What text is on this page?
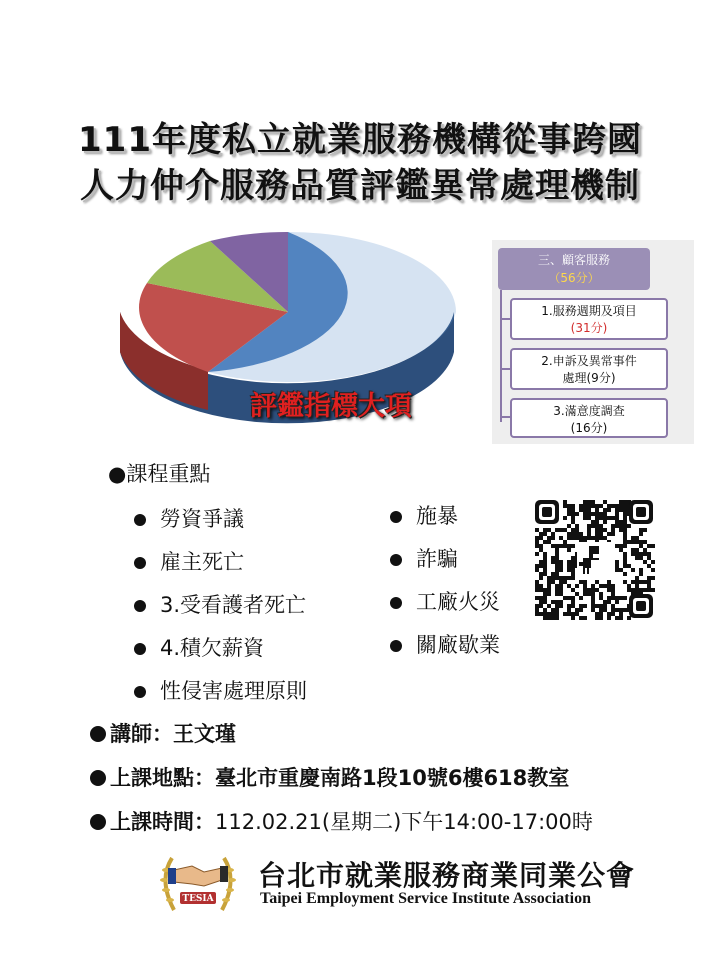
111年度私立就業服務機構從事跨國
人力仲介服務品質評鑑異常處理機制
評鑑指標大項
三、顧客服務
（56分）
1.服務週期及項目
(31分)
2.申訴及異常事件
處理(9分)
3.滿意度調查
(16分)
●課程重點
勞資爭議
雇主死亡
3.受看護者死亡
4.積欠薪資
性侵害處理原則
施暴
詐騙
工廠火災
關廠歇業
講師：王文瑾
上課地點：臺北市重慶南路1段10號6樓618教室
上課時間：112.02.21(星期二)下午14:00-17:00時
TESIA
台北市就業服務商業同業公會
Taipei Employment Service Institute Association
